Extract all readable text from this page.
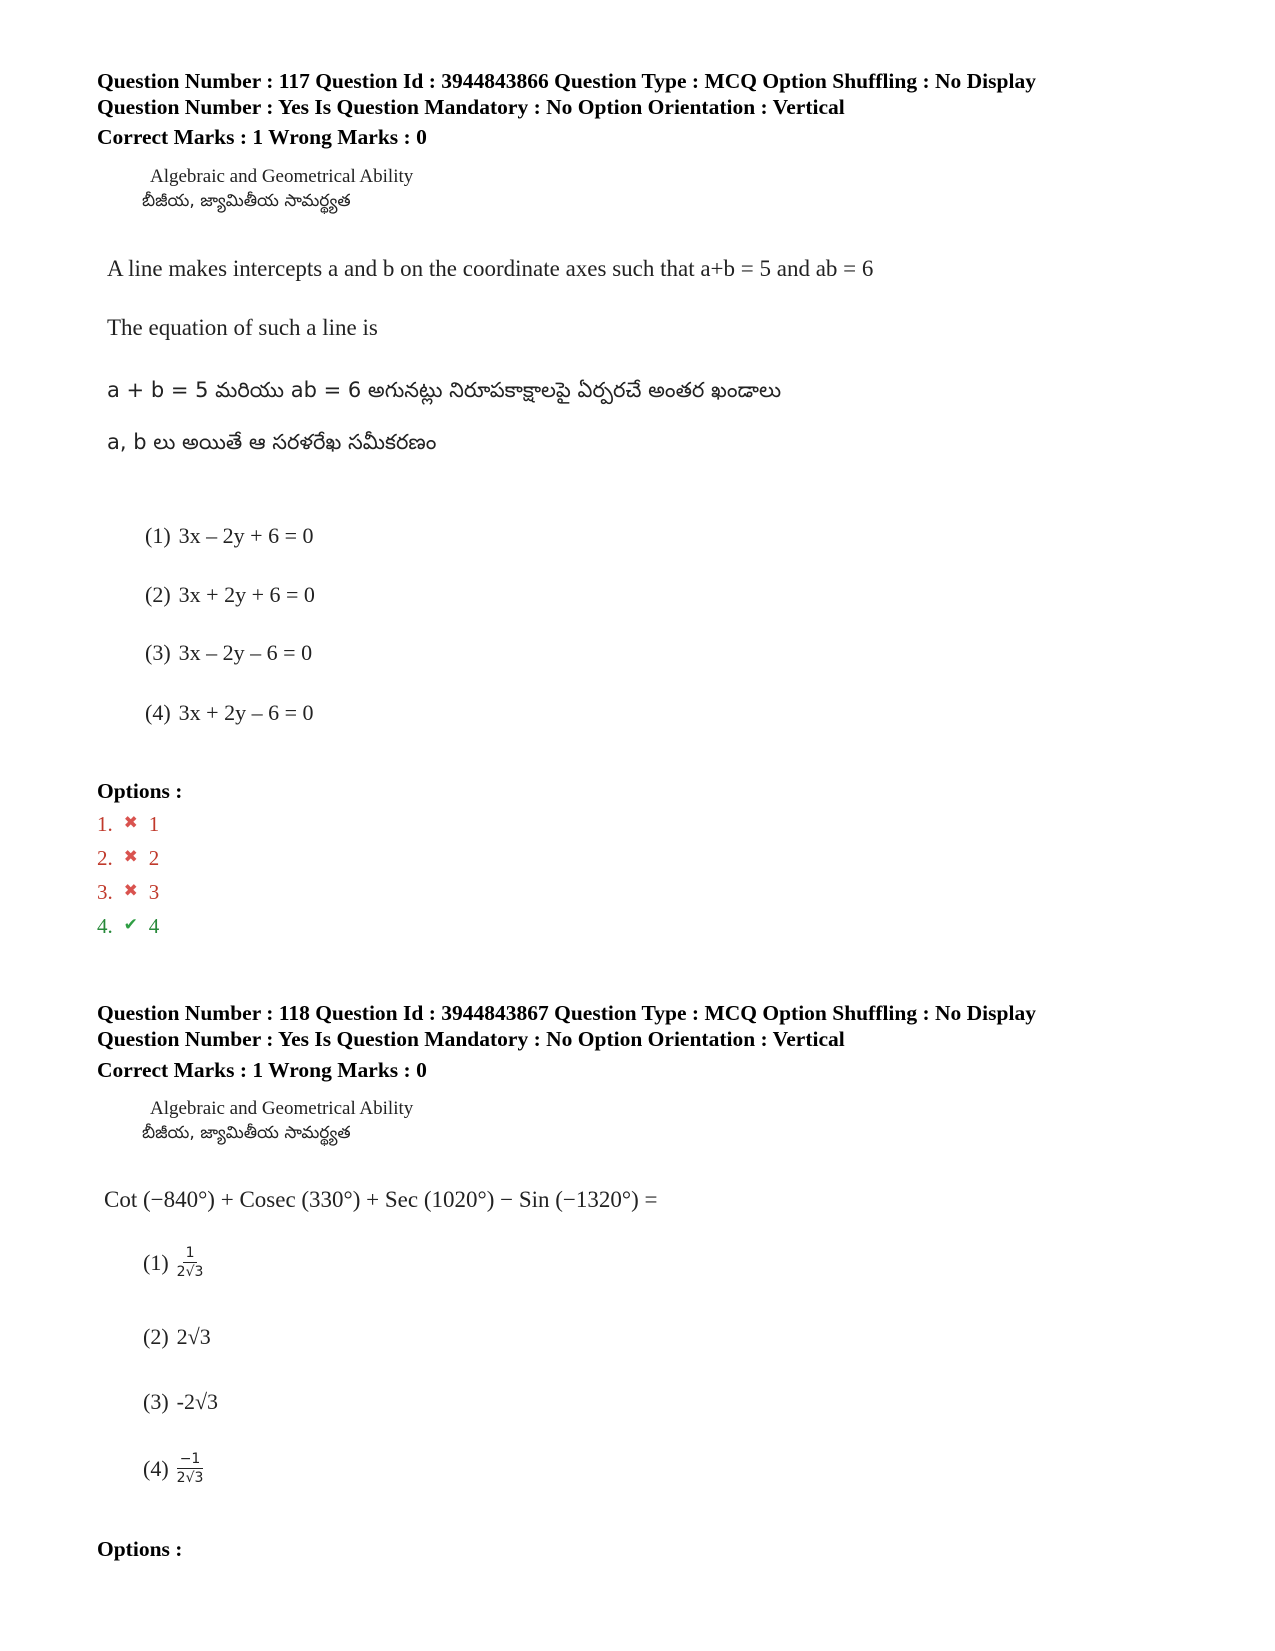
Question Number : 117 Question Id : 3944843866 Question Type : MCQ Option Shuffling : No Display
Question Number : Yes Is Question Mandatory : No Option Orientation : Vertical
Correct Marks : 1 Wrong Marks : 0
Algebraic and Geometrical Ability
బీజీయ, జ్యామితీయ సామర్థ్యత
A line makes intercepts a and b on the coordinate axes such that a+b = 5 and ab = 6
The equation of such a line is
a + b = 5 మరియు ab = 6 అగునట్లు నిరూపకాక్షాలపై ఏర్పరచే అంతర ఖండాలు
a, b లు అయితే ఆ సరళరేఖ సమీకరణం
(1) 3x – 2y + 6 = 0
(2) 3x + 2y + 6 = 0
(3) 3x – 2y – 6 = 0
(4) 3x + 2y – 6 = 0
Options :
1. ✖ 1
2. ✖ 2
3. ✖ 3
4. ✔ 4
Question Number : 118 Question Id : 3944843867 Question Type : MCQ Option Shuffling : No Display
Question Number : Yes Is Question Mandatory : No Option Orientation : Vertical
Correct Marks : 1 Wrong Marks : 0
Algebraic and Geometrical Ability
బీజీయ, జ్యామితీయ సామర్థ్యత
Cot (−840°) + Cosec (330°) + Sec (1020°) − Sin (−1320°) =
$(1) \frac{1}{2√3}$
(2) 2√3
(3) -2√3
$(4) \frac{-1}{2√3}$
Options :
